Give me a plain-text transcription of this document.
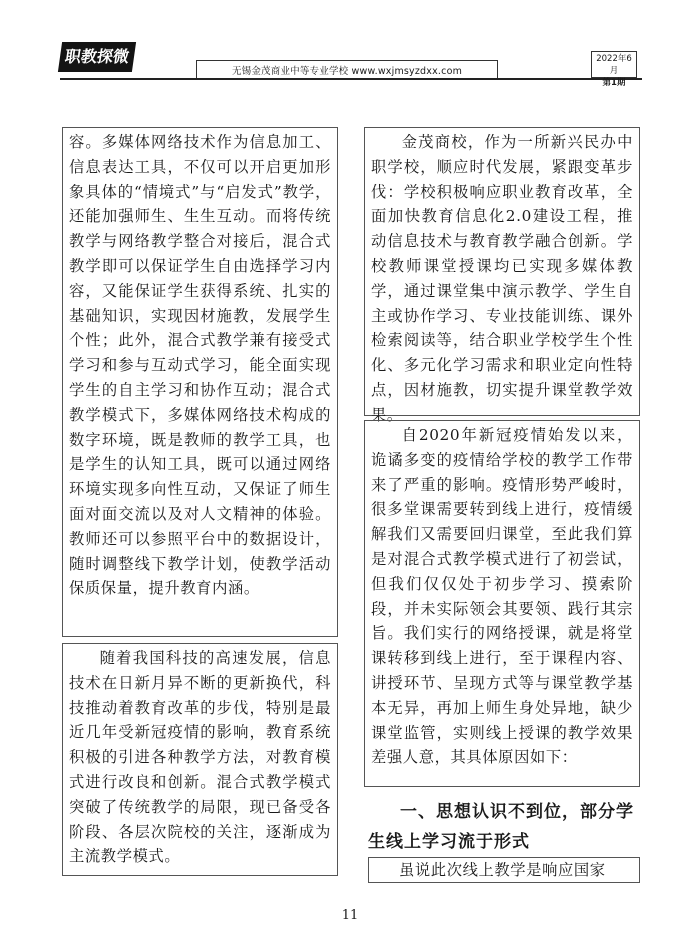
职教探微
无锡金茂商业中等专业学校 www.wxjmsyzdxx.com
2022年6月
第1期

容。多媒体网络技术作为信息加工、信息表达工具，不仅可以开启更加形象具体的“情境式”与“启发式”教学，还能加强师生、生生互动。而将传统教学与网络教学整合对接后，混合式教学即可以保证学生自由选择学习内容，又能保证学生获得系统、扎实的基础知识，实现因材施教，发展学生个性；此外，混合式教学兼有接受式学习和参与互动式学习，能全面实现学生的自主学习和协作互动；混合式教学模式下，多媒体网络技术构成的数字环境，既是教师的教学工具，也是学生的认知工具，既可以通过网络环境实现多向性互动，又保证了师生面对面交流以及对人文精神的体验。教师还可以参照平台中的数据设计，随时调整线下教学计划，使教学活动保质保量，提升教育内涵。

随着我国科技的高速发展，信息技术在日新月异不断的更新换代，科技推动着教育改革的步伐，特别是最近几年受新冠疫情的影响，教育系统积极的引进各种教学方法，对教育模式进行改良和创新。混合式教学模式突破了传统教学的局限，现已备受各阶段、各层次院校的关注，逐渐成为主流教学模式。

金茂商校，作为一所新兴民办中职学校，顺应时代发展，紧跟变革步伐：学校积极响应职业教育改革，全面加快教育信息化2.0建设工程，推动信息技术与教育教学融合创新。学校教师课堂授课均已实现多媒体教学，通过课堂集中演示教学、学生自主或协作学习、专业技能训练、课外检索阅读等，结合职业学校学生个性化、多元化学习需求和职业定向性特点，因材施教，切实提升课堂教学效果。

自2020年新冠疫情始发以来，诡谲多变的疫情给学校的教学工作带来了严重的影响。疫情形势严峻时，很多堂课需要转到线上进行，疫情缓解我们又需要回归课堂，至此我们算是对混合式教学模式进行了初尝试，但我们仅仅处于初步学习、摸索阶段，并未实际领会其要领、践行其宗旨。我们实行的网络授课，就是将堂课转移到线上进行，至于课程内容、讲授环节、呈现方式等与课堂教学基本无异，再加上师生身处异地，缺少课堂监管，实则线上授课的教学效果差强人意，其具体原因如下：

一、思想认识不到位，部分学
生线上学习流于形式
虽说此次线上教学是响应国家
11
